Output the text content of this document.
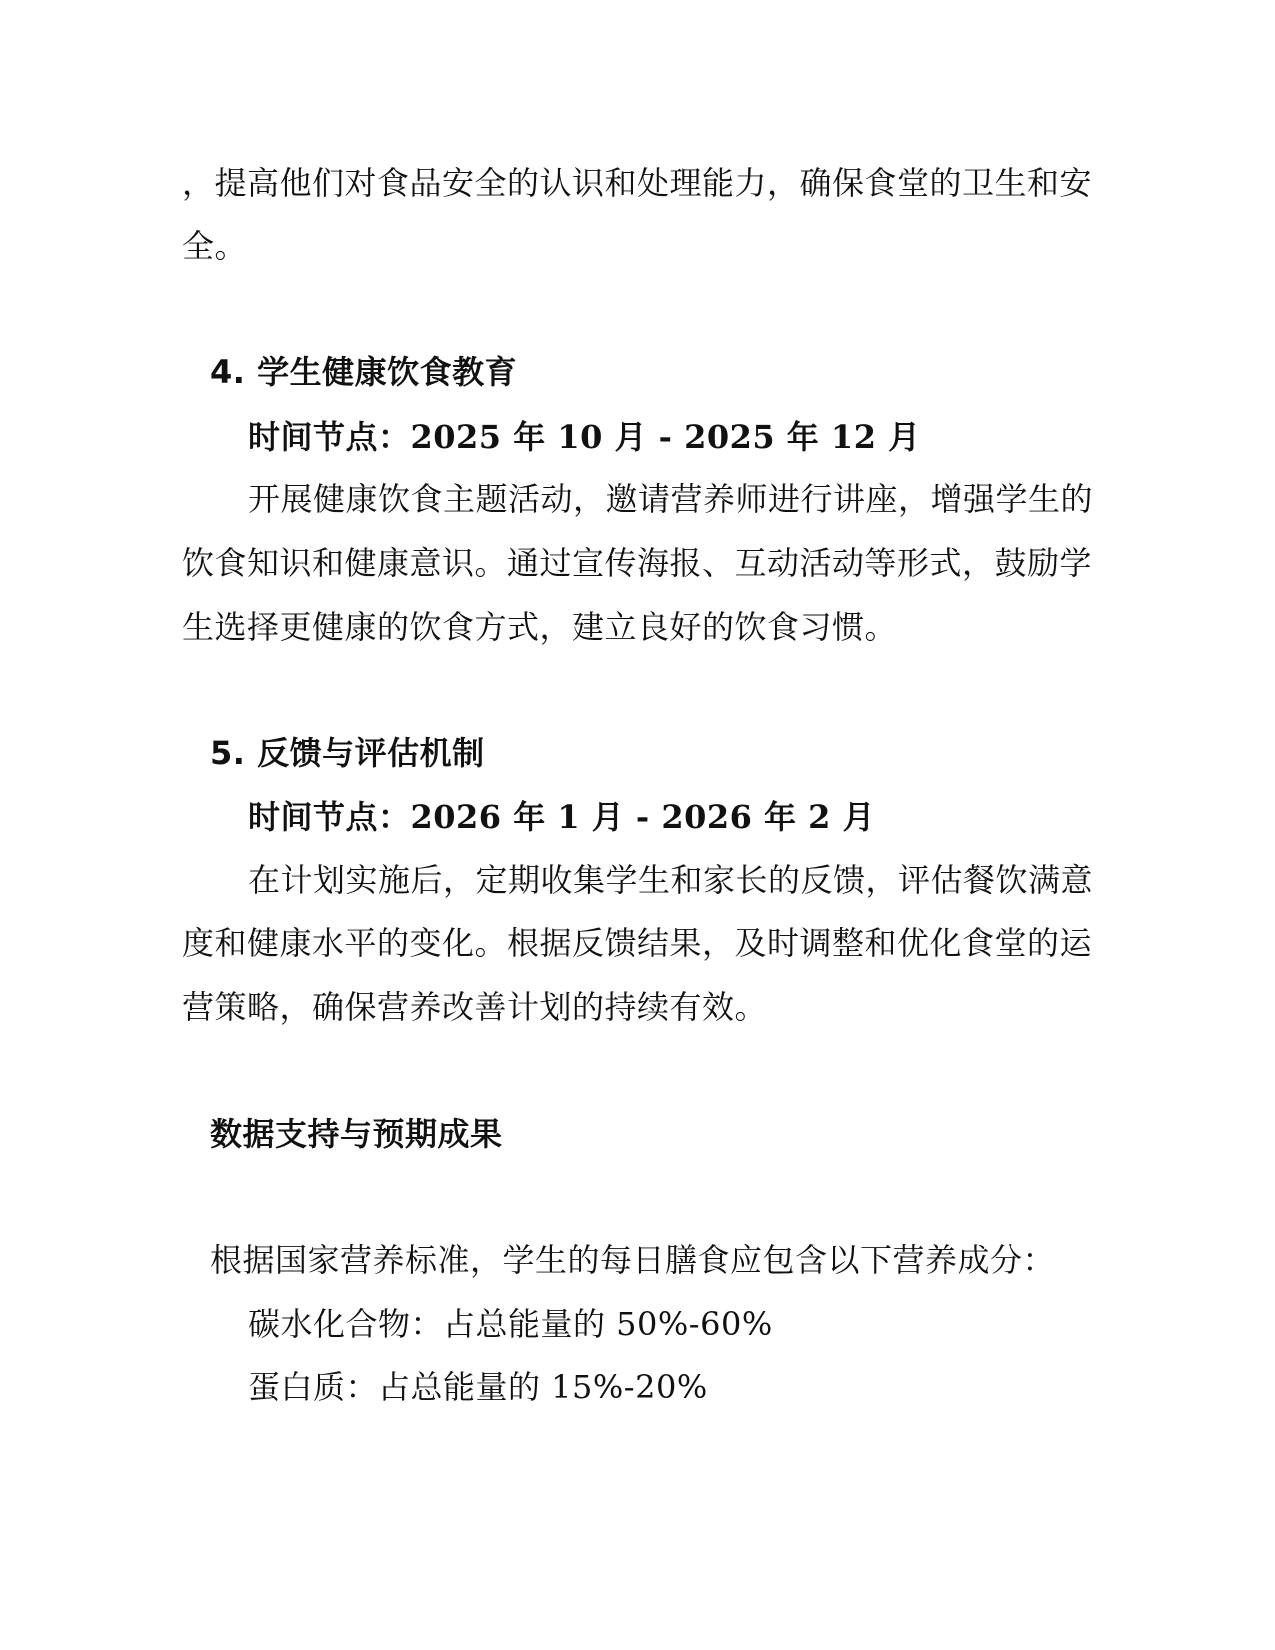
，提高他们对食品安全的认识和处理能力，确保食堂的卫生和安
全。
4. 学生健康饮食教育
时间节点：2025 年 10 月 - 2025 年 12 月
开展健康饮食主题活动，邀请营养师进行讲座，增强学生的
饮食知识和健康意识。通过宣传海报、互动活动等形式，鼓励学
生选择更健康的饮食方式，建立良好的饮食习惯。
5. 反馈与评估机制
时间节点：2026 年 1 月 - 2026 年 2 月
在计划实施后，定期收集学生和家长的反馈，评估餐饮满意
度和健康水平的变化。根据反馈结果，及时调整和优化食堂的运
营策略，确保营养改善计划的持续有效。
数据支持与预期成果
根据国家营养标准，学生的每日膳食应包含以下营养成分：
碳水化合物：占总能量的 50%-60%
蛋白质：占总能量的 15%-20%
